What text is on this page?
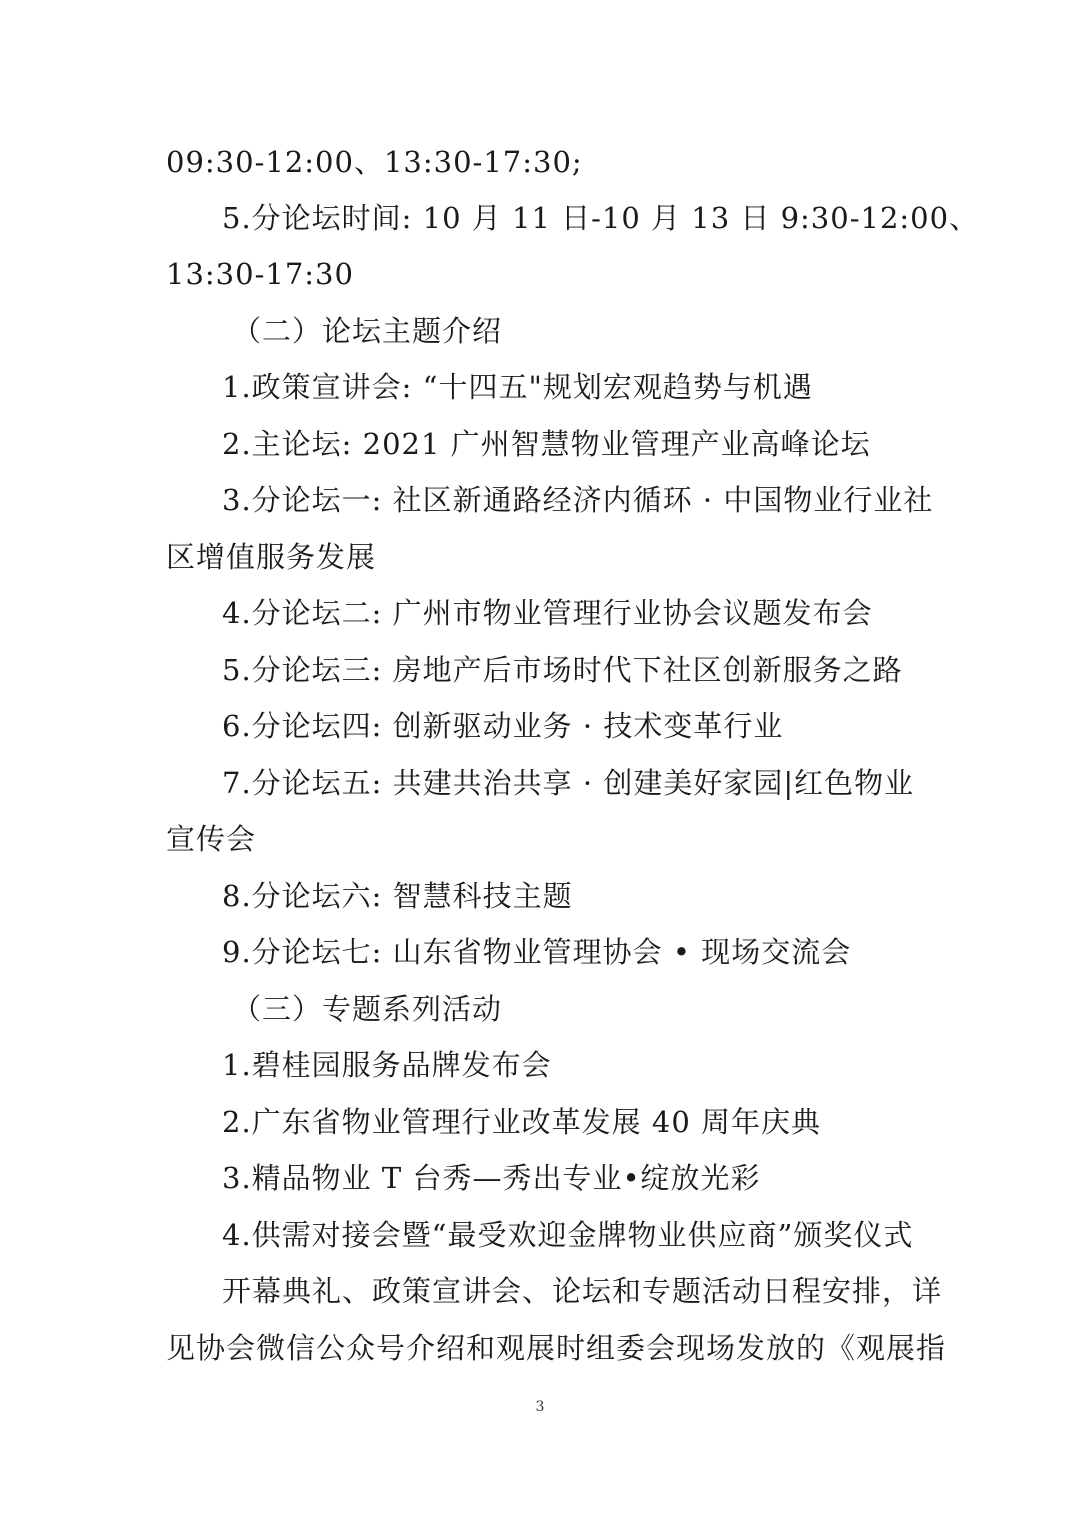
09:30-12:00、13:30-17:30;
5.分论坛时间: 10 月 11 日-10 月 13 日 9:30-12:00、
13:30-17:30
（二）论坛主题介绍
1.政策宣讲会: “十四五"规划宏观趋势与机遇
2.主论坛: 2021 广州智慧物业管理产业高峰论坛
3.分论坛一: 社区新通路经济内循环 · 中国物业行业社
区增值服务发展
4.分论坛二: 广州市物业管理行业协会议题发布会
5.分论坛三: 房地产后市场时代下社区创新服务之路
6.分论坛四: 创新驱动业务 · 技术变革行业
7.分论坛五: 共建共治共享 · 创建美好家园|红色物业
宣传会
8.分论坛六: 智慧科技主题
9.分论坛七: 山东省物业管理协会 • 现场交流会
（三）专题系列活动
1.碧桂园服务品牌发布会
2.广东省物业管理行业改革发展 40 周年庆典
3.精品物业 T 台秀—秀出专业•绽放光彩
4.供需对接会暨“最受欢迎金牌物业供应商”颁奖仪式
开幕典礼、政策宣讲会、论坛和专题活动日程安排，详
见协会微信公众号介绍和观展时组委会现场发放的《观展指
3
